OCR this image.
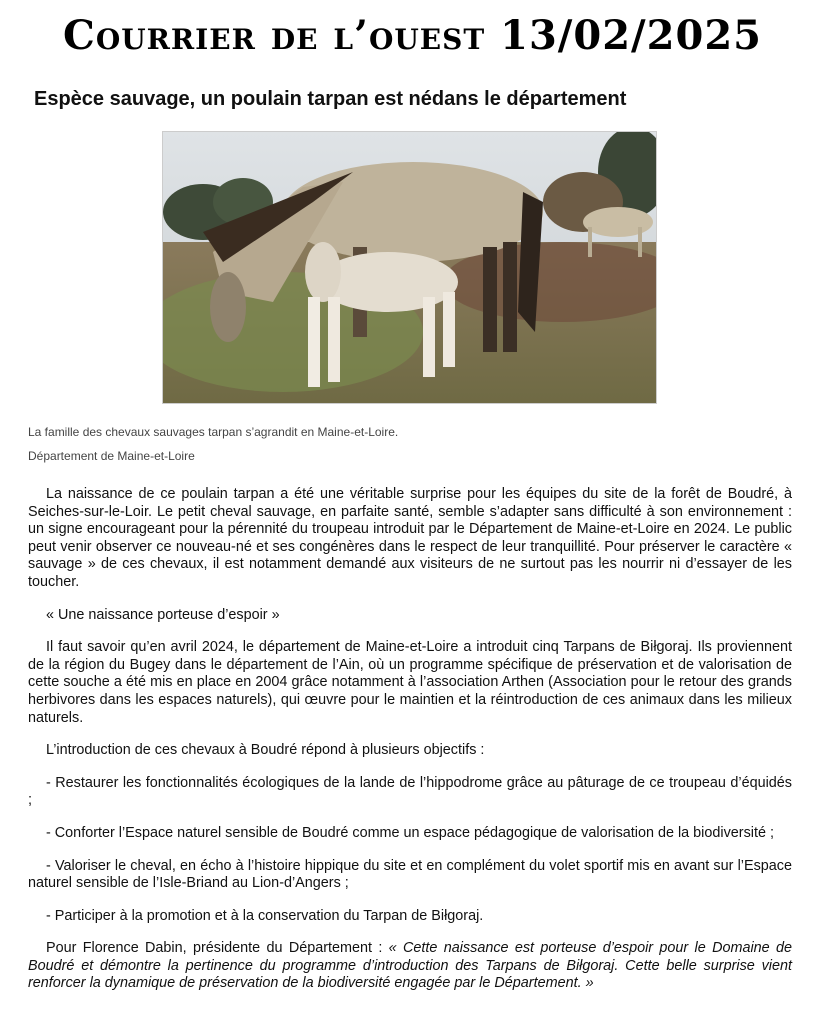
Courrier de l’ouest 13/02/2025
Espèce sauvage, un poulain tarpan est nédans le département
La famille des chevaux sauvages tarpan s’agrandit en Maine-et-Loire.
Département de Maine-et-Loire

La naissance de ce poulain tarpan a été une véritable surprise pour les équipes du site de la forêt de Boudré, à Seiches-sur-le-Loir. Le petit cheval sauvage, en parfaite santé, semble s’adapter sans difficulté à son environnement : un signe encourageant pour la pérennité du troupeau introduit par le Département de Maine-et-Loire en 2024. Le public peut venir observer ce nouveau-né et ses congénères dans le respect de leur tranquillité. Pour préserver le caractère « sauvage » de ces chevaux, il est notamment demandé aux visiteurs de ne surtout pas les nourrir ni d’essayer de les toucher.

« Une naissance porteuse d’espoir »

Il faut savoir qu’en avril 2024, le département de Maine-et-Loire a introduit cinq Tarpans de Biłgoraj. Ils proviennent de la région du Bugey dans le département de l’Ain, où un programme spécifique de préservation et de valorisation de cette souche a été mis en place en 2004 grâce notamment à l’association Arthen (Association pour le retour des grands herbivores dans les espaces naturels), qui œuvre pour le maintien et la réintroduction de ces animaux dans les milieux naturels.

L’introduction de ces chevaux à Boudré répond à plusieurs objectifs :

- Restaurer les fonctionnalités écologiques de la lande de l’hippodrome grâce au pâturage de ce troupeau d’équidés ;

- Conforter l’Espace naturel sensible de Boudré comme un espace pédagogique de valorisation de la biodiversité ;

- Valoriser le cheval, en écho à l’histoire hippique du site et en complément du volet sportif mis en avant sur l’Espace naturel sensible de l’Isle-Briand au Lion-d’Angers ;

- Participer à la promotion et à la conservation du Tarpan de Biłgoraj.

Pour Florence Dabin, présidente du Département : « Cette naissance est porteuse d’espoir pour le Domaine de Boudré et démontre la pertinence du programme d’introduction des Tarpans de Biłgoraj. Cette belle surprise vient renforcer la dynamique de préservation de la biodiversité engagée par le Département. »
